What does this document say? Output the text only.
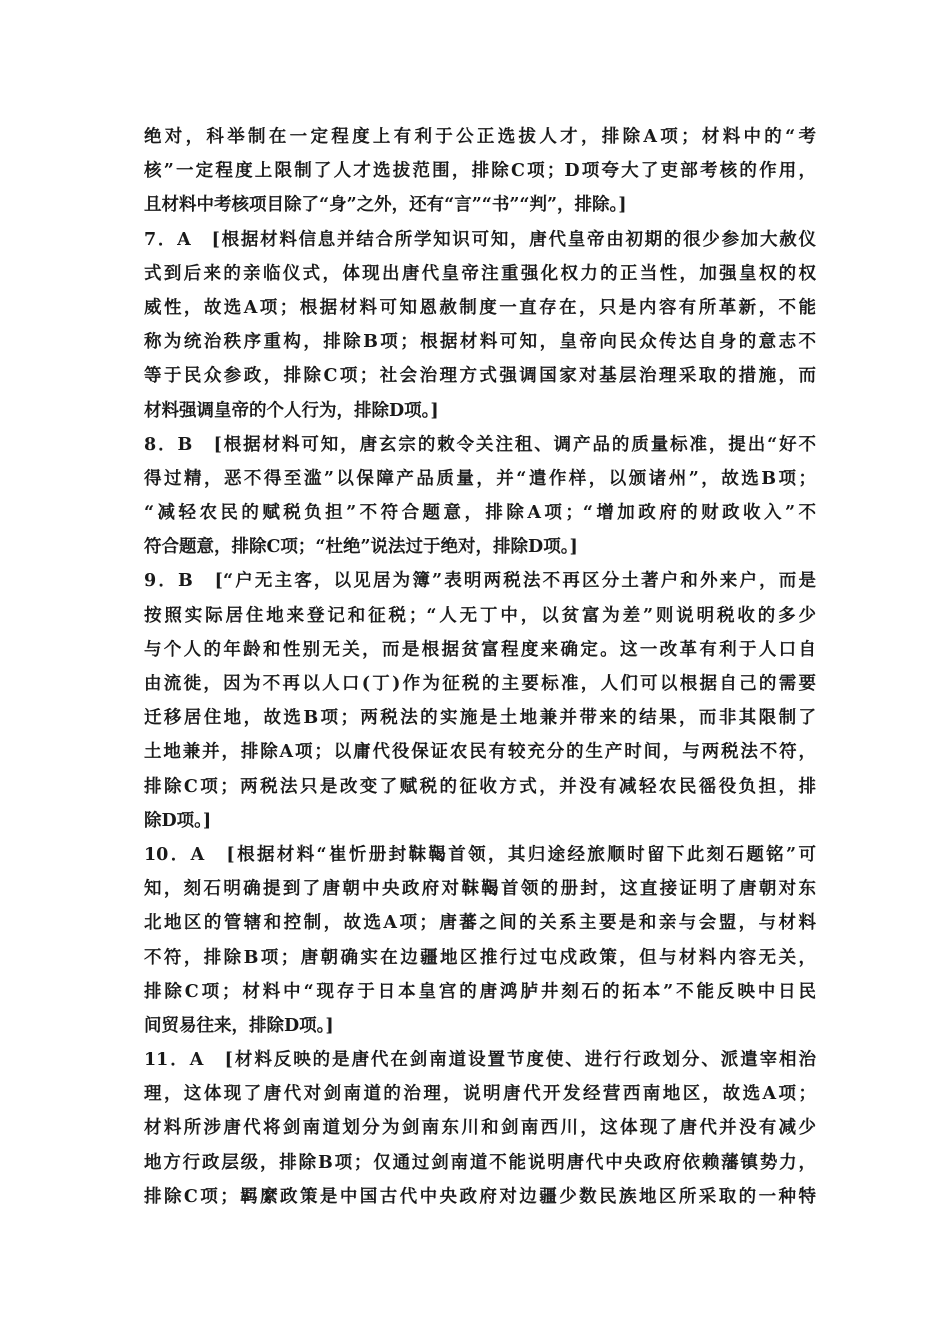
绝对，科举制在一定程度上有利于公正选拔人才，排除A项；材料中的“考
核”一定程度上限制了人才选拔范围，排除C项；D项夸大了吏部考核的作用，
且材料中考核项目除了“身”之外，还有“言”“书”“判”，排除。]
7．A　[根据材料信息并结合所学知识可知，唐代皇帝由初期的很少参加大赦仪
式到后来的亲临仪式，体现出唐代皇帝注重强化权力的正当性，加强皇权的权
威性，故选A项；根据材料可知恩赦制度一直存在，只是内容有所革新，不能
称为统治秩序重构，排除B项；根据材料可知，皇帝向民众传达自身的意志不
等于民众参政，排除C项；社会治理方式强调国家对基层治理采取的措施，而
材料强调皇帝的个人行为，排除D项。]
8．B　[根据材料可知，唐玄宗的敕令关注租、调产品的质量标准，提出“好不
得过精，恶不得至滥”以保障产品质量，并“遣作样，以颁诸州”，故选B项；
“减轻农民的赋税负担”不符合题意，排除A项；“增加政府的财政收入”不
符合题意，排除C项；“杜绝”说法过于绝对，排除D项。]
9．B　[“户无主客，以见居为簿”表明两税法不再区分土著户和外来户，而是
按照实际居住地来登记和征税；“人无丁中，以贫富为差”则说明税收的多少
与个人的年龄和性别无关，而是根据贫富程度来确定。这一改革有利于人口自
由流徙，因为不再以人口(丁)作为征税的主要标准，人们可以根据自己的需要
迁移居住地，故选B项；两税法的实施是土地兼并带来的结果，而非其限制了
土地兼并，排除A项；以庸代役保证农民有较充分的生产时间，与两税法不符，
排除C项；两税法只是改变了赋税的征收方式，并没有减轻农民徭役负担，排
除D项。]
10．A　[根据材料“崔忻册封靺鞨首领，其归途经旅顺时留下此刻石题铭”可
知，刻石明确提到了唐朝中央政府对靺鞨首领的册封，这直接证明了唐朝对东
北地区的管辖和控制，故选A项；唐蕃之间的关系主要是和亲与会盟，与材料
不符，排除B项；唐朝确实在边疆地区推行过屯戍政策，但与材料内容无关，
排除C项；材料中“现存于日本皇宫的唐鸿胪井刻石的拓本”不能反映中日民
间贸易往来，排除D项。]
11．A　[材料反映的是唐代在剑南道设置节度使、进行行政划分、派遣宰相治
理，这体现了唐代对剑南道的治理，说明唐代开发经营西南地区，故选A项；
材料所涉唐代将剑南道划分为剑南东川和剑南西川，这体现了唐代并没有减少
地方行政层级，排除B项；仅通过剑南道不能说明唐代中央政府依赖藩镇势力，
排除C项；羁縻政策是中国古代中央政府对边疆少数民族地区所采取的一种特
